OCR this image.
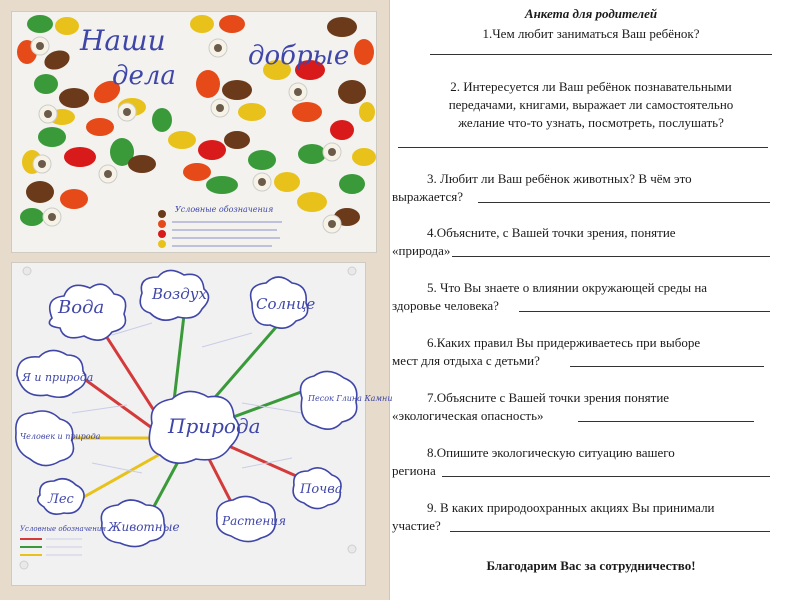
Наши
дела
добрые
Условные обозначения
Вода
Воздух
Солнце
Я и природа
Песок Глина Камни
Человек и природа
Почва
Лес
Животные	Растения
Природа
Условные обозначения
Анкета для родителей
1.Чем любит заниматься Ваш ребёнок?
2. Интересуется ли Ваш ребёнок познавательными
передачами, книгами, выражает ли самостоятельно
желание что-то узнать, посмотреть, послушать?
3. Любит ли Ваш ребёнок животных? В чём это
выражается?
4.Объясните, с Вашей точки зрения, понятие
«природа»
5. Что Вы знаете о влиянии окружающей среды на
здоровье человека?
6.Каких правил Вы придерживаетесь при выборе
мест для отдыха с детьми?
7.Объясните с Вашей точки зрения понятие
«экологическая опасность»
8.Опишите экологическую ситуацию вашего
региона
9. В каких природоохранных акциях Вы принимали
участие?
Благодарим Вас за сотрудничество!
